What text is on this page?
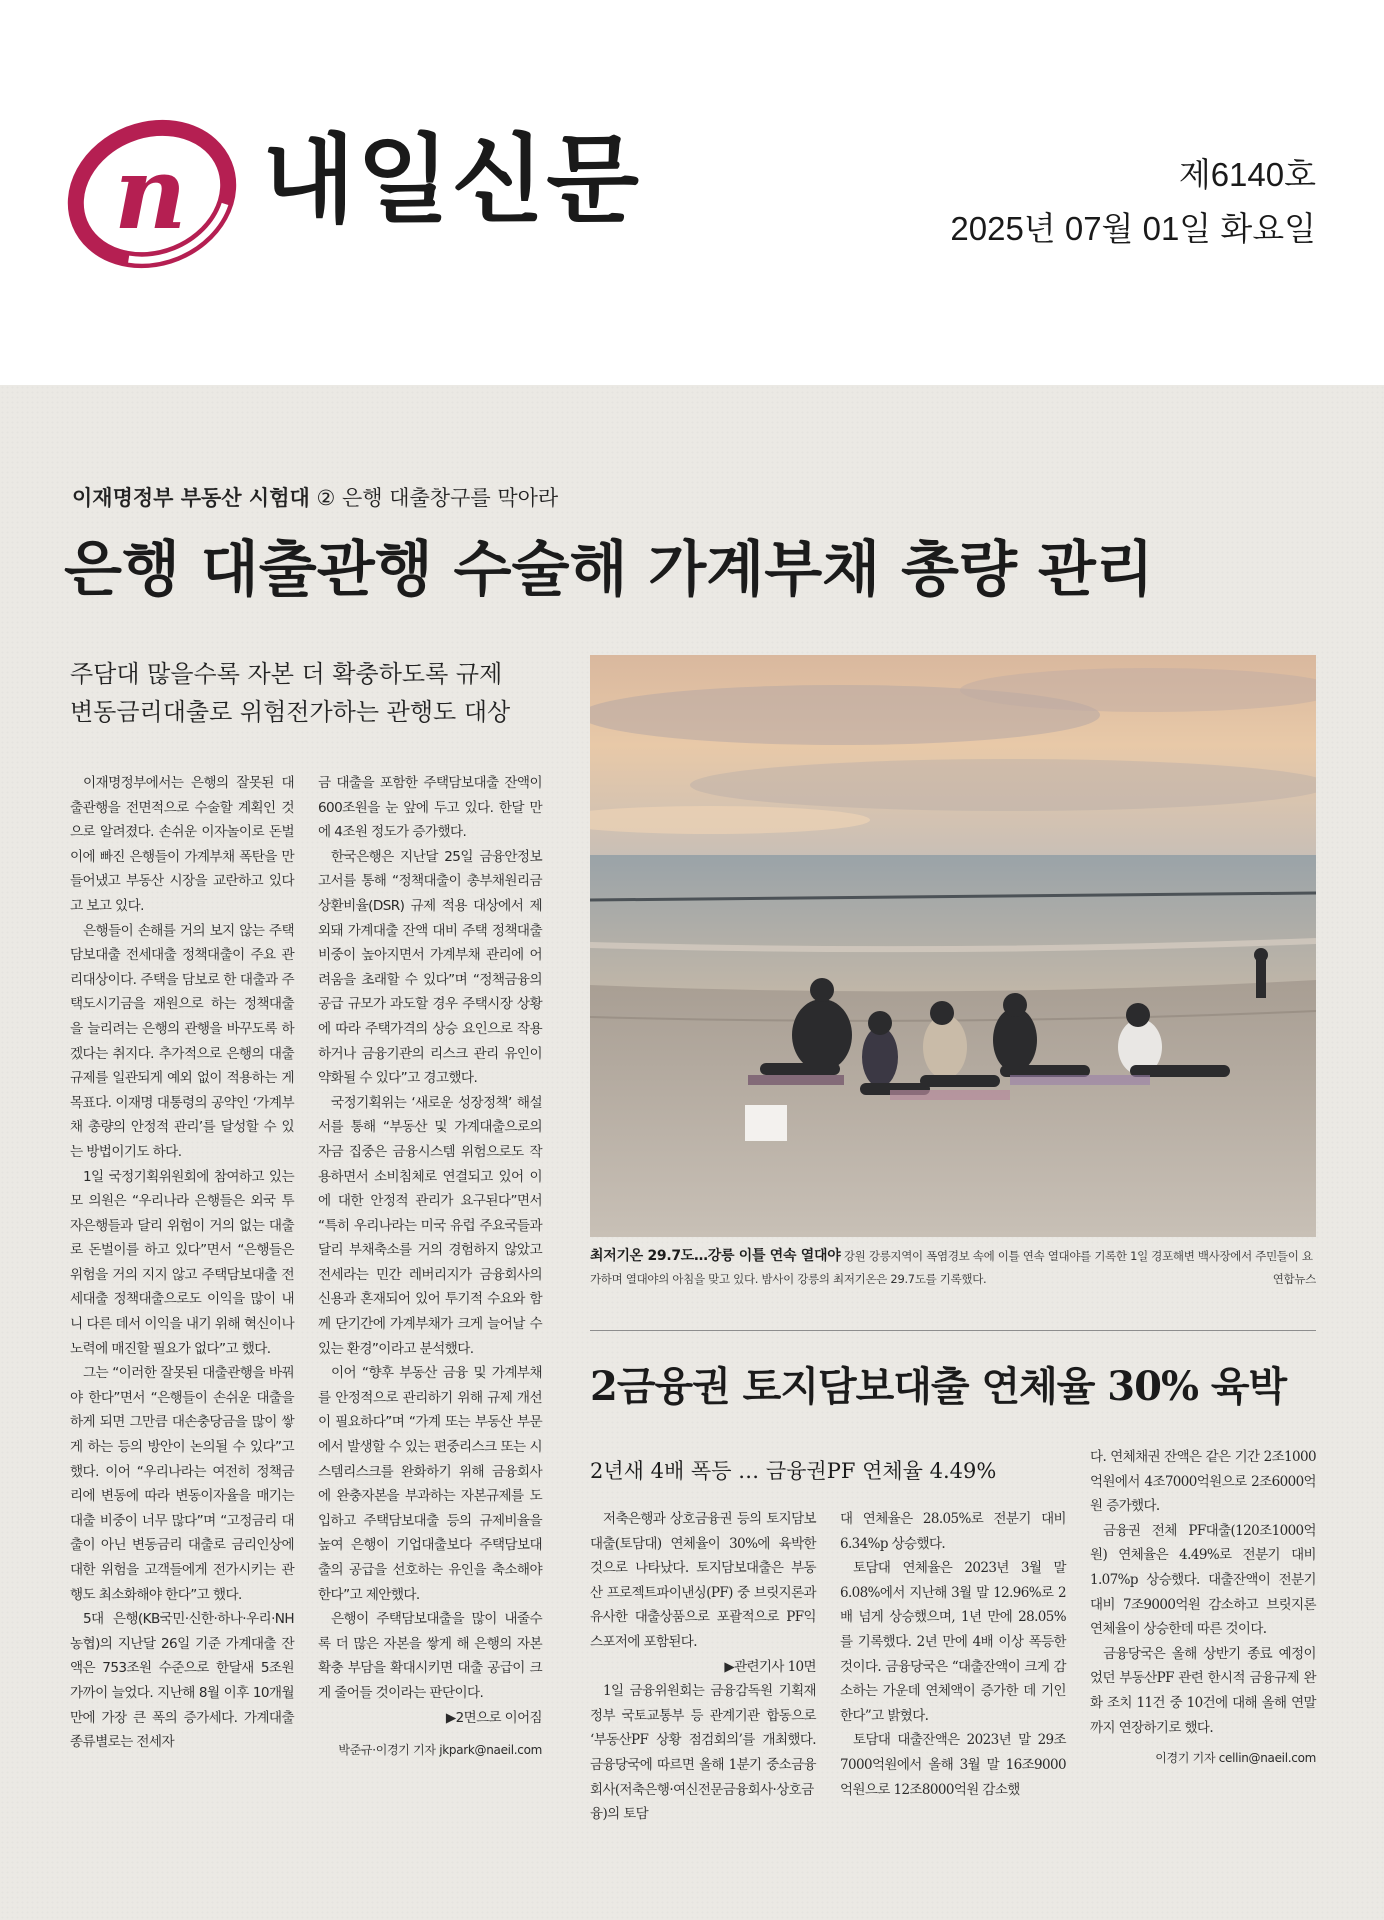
n 내일신문	제6140호
2025년 07월 01일 화요일
이재명정부 부동산 시험대 ② 은행 대출창구를 막아라
은행 대출관행 수술해 가계부채 총량 관리
주담대 많을수록 자본 더 확충하도록 규제
변동금리대출로 위험전가하는 관행도 대상

이재명정부에서는 은행의 잘못된 대출관행을 전면적으로 수술할 계획인 것으로 알려졌다. 손쉬운 이자놀이로 돈벌이에 빠진 은행들이 가계부채 폭탄을 만들어냈고 부동산 시장을 교란하고 있다고 보고 있다.

은행들이 손해를 거의 보지 않는 주택담보대출 전세대출 정책대출이 주요 관리대상이다. 주택을 담보로 한 대출과 주택도시기금을 재원으로 하는 정책대출을 늘리려는 은행의 관행을 바꾸도록 하겠다는 취지다. 추가적으로 은행의 대출규제를 일관되게 예외 없이 적용하는 게 목표다. 이재명 대통령의 공약인 ‘가계부채 총량의 안정적 관리’를 달성할 수 있는 방법이기도 하다.

1일 국정기획위원회에 참여하고 있는 모 의원은 “우리나라 은행들은 외국 투자은행들과 달리 위험이 거의 없는 대출로 돈벌이를 하고 있다”면서 “은행들은 위험을 거의 지지 않고 주택담보대출 전세대출 정책대출으로도 이익을 많이 내니 다른 데서 이익을 내기 위해 혁신이나 노력에 매진할 필요가 없다”고 했다.

그는 “이러한 잘못된 대출관행을 바꿔야 한다”면서 “은행들이 손쉬운 대출을 하게 되면 그만큼 대손충당금을 많이 쌓게 하는 등의 방안이 논의될 수 있다”고 했다. 이어 “우리나라는 여전히 정책금리에 변동에 따라 변동이자율을 매기는 대출 비중이 너무 많다”며 “고정금리 대출이 아닌 변동금리 대출로 금리인상에 대한 위험을 고객들에게 전가시키는 관행도 최소화해야 한다”고 했다.

5대 은행(KB국민·신한·하나·우리·NH농협)의 지난달 26일 기준 가계대출 잔액은 753조원 수준으로 한달새 5조원 가까이 늘었다. 지난해 8월 이후 10개월 만에 가장 큰 폭의 증가세다. 가계대출 종류별로는 전세자

금 대출을 포함한 주택담보대출 잔액이 600조원을 눈 앞에 두고 있다. 한달 만에 4조원 정도가 증가했다.

한국은행은 지난달 25일 금융안정보고서를 통해 “정책대출이 총부채원리금상환비율(DSR) 규제 적용 대상에서 제외돼 가계대출 잔액 대비 주택 정책대출 비중이 높아지면서 가계부채 관리에 어려움을 초래할 수 있다”며 “정책금융의 공급 규모가 과도할 경우 주택시장 상황에 따라 주택가격의 상승 요인으로 작용하거나 금융기관의 리스크 관리 유인이 약화될 수 있다”고 경고했다.

국정기획위는 ‘새로운 성장정책’ 해설서를 통해 “부동산 및 가계대출으로의 자금 집중은 금융시스템 위험으로도 작용하면서 소비침체로 연결되고 있어 이에 대한 안정적 관리가 요구된다”면서 “특히 우리나라는 미국 유럽 주요국들과 달리 부채축소를 거의 경험하지 않았고 전세라는 민간 레버리지가 금융회사의 신용과 혼재되어 있어 투기적 수요와 함께 단기간에 가계부채가 크게 늘어날 수 있는 환경”이라고 분석했다.

이어 “향후 부동산 금융 및 가계부채를 안정적으로 관리하기 위해 규제 개선이 필요하다”며 “가계 또는 부동산 부문에서 발생할 수 있는 편중리스크 또는 시스템리스크를 완화하기 위해 금융회사에 완충자본을 부과하는 자본규제를 도입하고 주택담보대출 등의 규제비율을 높여 은행이 기업대출보다 주택담보대출의 공급을 선호하는 유인을 축소해야 한다”고 제안했다.

은행이 주택담보대출을 많이 내줄수록 더 많은 자본을 쌓게 해 은행의 자본 확충 부담을 확대시키면 대출 공급이 크게 줄어들 것이라는 판단이다.

▶2면으로 이어짐
박준규·이경기 기자 jkpark@naeil.com
최저기온 29.7도…강릉 이틀 연속 열대야 강원 강릉지역이 폭염경보 속에 이틀 연속 열대야를 기록한 1일 경포해변 백사장에서 주민들이 요가하며 열대야의 아침을 맞고 있다. 밤사이 강릉의 최저기온은 29.7도를 기록했다.	연합뉴스
2금융권 토지담보대출 연체율 30% 육박
2년새 4배 폭등 … 금융권PF 연체율 4.49%

저축은행과 상호금융권 등의 토지담보대출(토담대) 연체율이 30%에 육박한 것으로 나타났다. 토지담보대출은 부동산 프로젝트파이낸싱(PF) 중 브릿지론과 유사한 대출상품으로 포괄적으로 PF익스포저에 포함된다.

▶관련기사 10면

1일 금융위원회는 금융감독원 기획재정부 국토교통부 등 관계기관 합동으로 ‘부동산PF 상황 점검회의’를 개최했다. 금융당국에 따르면 올해 1분기 중소금융회사(저축은행·여신전문금융회사·상호금융)의 토담

대 연체율은 28.05%로 전분기 대비 6.34%p 상승했다.

토담대 연체율은 2023년 3월 말 6.08%에서 지난해 3월 말 12.96%로 2배 넘게 상승했으며, 1년 만에 28.05%를 기록했다. 2년 만에 4배 이상 폭등한 것이다. 금융당국은 “대출잔액이 크게 감소하는 가운데 연체액이 증가한 데 기인한다”고 밝혔다.

토담대 대출잔액은 2023년 말 29조7000억원에서 올해 3월 말 16조9000억원으로 12조8000억원 감소했

다. 연체채권 잔액은 같은 기간 2조1000억원에서 4조7000억원으로 2조6000억원 증가했다.

금융권 전체 PF대출(120조1000억원) 연체율은 4.49%로 전분기 대비 1.07%p 상승했다. 대출잔액이 전분기 대비 7조9000억원 감소하고 브릿지론 연체율이 상승한데 따른 것이다.

금융당국은 올해 상반기 종료 예정이었던 부동산PF 관련 한시적 금융규제 완화 조치 11건 중 10건에 대해 올해 연말까지 연장하기로 했다.

이경기 기자 cellin@naeil.com
